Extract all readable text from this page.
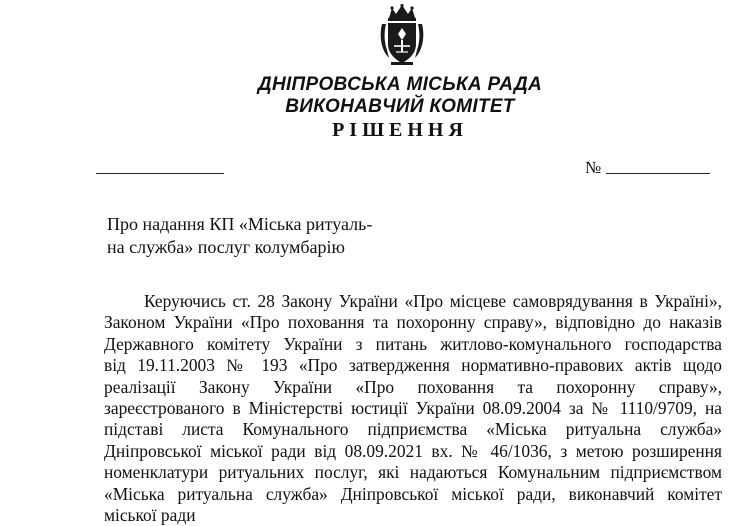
ДНІПРОВСЬКА МІСЬКА РАДА
ВИКОНАВЧИЙ КОМІТЕТ
РІШЕННЯ
№
Про надання КП «Міська ритуаль-
на служба» послуг колумбарію
Керуючись ст. 28 Закону України «Про місцеве самоврядування в Україні»,
Законом України «Про поховання та похоронну справу», відповідно до наказів
Державного комітету України з питань житлово-комунального господарства
від 19.11.2003 № 193 «Про затвердження нормативно-правових актів щодо
реалізації Закону України «Про поховання та похоронну справу»,
зареєстрованого в Міністерстві юстиції України 08.09.2004 за № 1110/9709, на
підставі листа Комунального підприємства «Міська ритуальна служба»
Дніпровської міської ради від 08.09.2021 вх. № 46/1036, з метою розширення
номенклатури ритуальних послуг, які надаються Комунальним підприємством
«Міська ритуальна служба» Дніпровської міської ради, виконавчий комітет
міської ради
